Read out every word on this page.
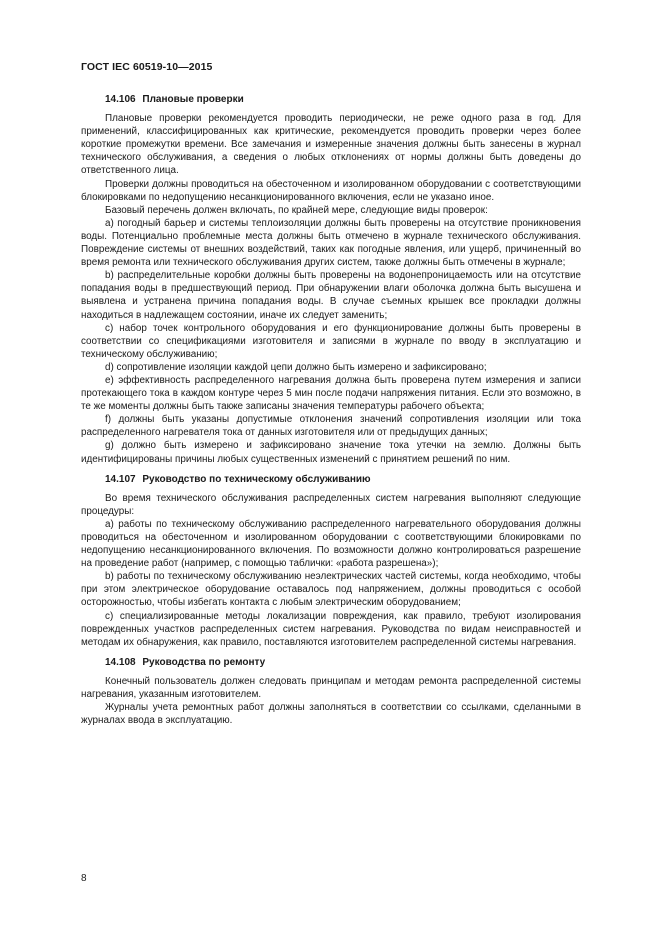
ГОСТ IEC 60519-10—2015
14.106 Плановые проверки

Плановые проверки рекомендуется проводить периодически, не реже одного раза в год. Для применений, классифицированных как критические, рекомендуется проводить проверки через более короткие промежутки времени. Все замечания и измеренные значения должны быть занесены в журнал технического обслуживания, а сведения о любых отклонениях от нормы должны быть доведены до ответственного лица.

Проверки должны проводиться на обесточенном и изолированном оборудовании с соответствующими блокировками по недопущению несанкционированного включения, если не указано иное.

Базовый перечень должен включать, по крайней мере, следующие виды проверок:

а) погодный барьер и системы теплоизоляции должны быть проверены на отсутствие проникновения воды. Потенциально проблемные места должны быть отмечено в журнале технического обслуживания. Повреждение системы от внешних воздействий, таких как погодные явления, или ущерб, причиненный во время ремонта или технического обслуживания других систем, также должны быть отмечены в журнале;

b) распределительные коробки должны быть проверены на водонепроницаемость или на отсутствие попадания воды в предшествующий период. При обнаружении влаги оболочка должна быть высушена и выявлена и устранена причина попадания воды. В случае съемных крышек все прокладки должны находиться в надлежащем состоянии, иначе их следует заменить;

c) набор точек контрольного оборудования и его функционирование должны быть проверены в соответствии со спецификациями изготовителя и записями в журнале по вводу в эксплуатацию и техническому обслуживанию;

d) сопротивление изоляции каждой цепи должно быть измерено и зафиксировано;

e) эффективность распределенного нагревания должна быть проверена путем измерения и записи протекающего тока в каждом контуре через 5 мин после подачи напряжения питания. Если это возможно, в те же моменты должны быть также записаны значения температуры рабочего объекта;

f) должны быть указаны допустимые отклонения значений сопротивления изоляции или тока распределенного нагревателя тока от данных изготовителя или от предыдущих данных;

g) должно быть измерено и зафиксировано значение тока утечки на землю. Должны быть идентифицированы причины любых существенных изменений с принятием решений по ним.

14.107 Руководство по техническому обслуживанию

Во время технического обслуживания распределенных систем нагревания выполняют следующие процедуры:

а) работы по техническому обслуживанию распределенного нагревательного оборудования должны проводиться на обесточенном и изолированном оборудовании с соответствующими блокировками по недопущению несанкционированного включения. По возможности должно контролироваться разрешение на проведение работ (например, с помощью таблички: «работа разрешена»);

b) работы по техническому обслуживанию неэлектрических частей системы, когда необходимо, чтобы при этом электрическое оборудование оставалось под напряжением, должны проводиться с особой осторожностью, чтобы избегать контакта с любым электрическим оборудованием;

c) специализированные методы локализации повреждения, как правило, требуют изолирования поврежденных участков распределенных систем нагревания. Руководства по видам неисправностей и методам их обнаружения, как правило, поставляются изготовителем распределенной системы нагревания.

14.108 Руководства по ремонту

Конечный пользователь должен следовать принципам и методам ремонта распределенной системы нагревания, указанным изготовителем.

Журналы учета ремонтных работ должны заполняться в соответствии со ссылками, сделанными в журналах ввода в эксплуатацию.

8
